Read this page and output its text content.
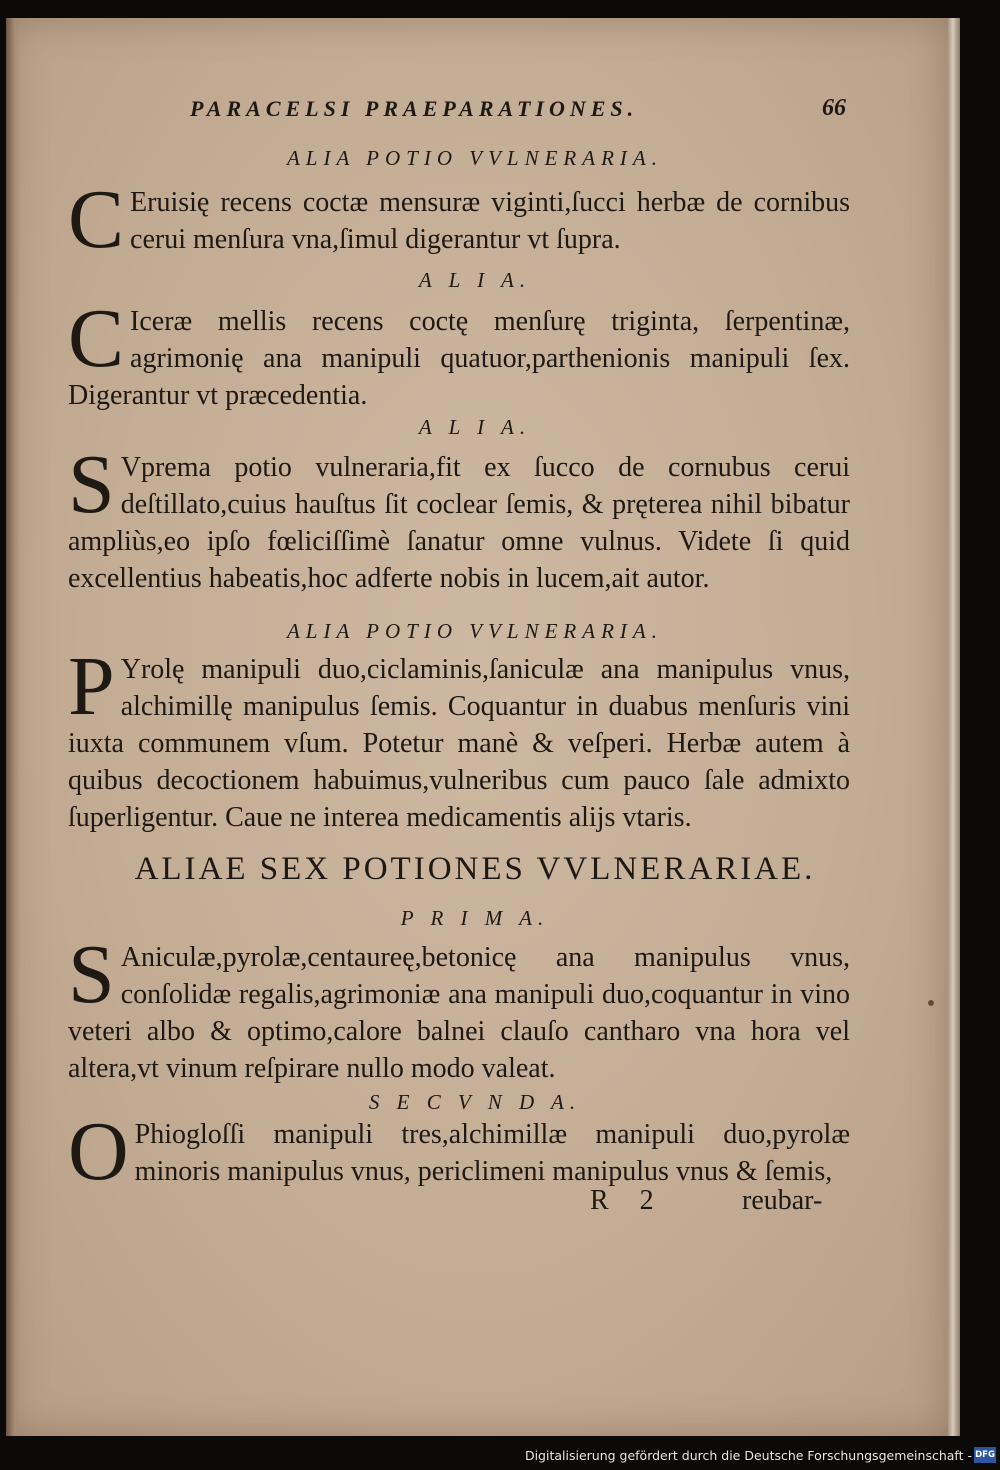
PARACELSI PRAEPARATIONES.	66
ALIA POTIO VVLNERARIA.

C Eruisię recens coctæ mensuræ viginti,ſucci herbæ de cornibus cerui menſura vna,ſimul digerantur vt ſupra.

A L I A.

C Iceræ mellis recens coctę menſurę triginta, ſerpentinæ, agrimonię ana manipuli quatuor,parthenionis manipuli ſex. Digerantur vt præcedentia.

A L I A.

S Vprema potio vulneraria,fit ex ſucco de cornubus cerui deſtillato,cuius hauſtus ſit coclear ſemis, & pręterea nihil bibatur ampliùs,eo ipſo fœliciſſimè ſanatur omne vulnus. Videte ſi quid excellentius habeatis,hoc adferte nobis in lucem,ait autor.

ALIA POTIO VVLNERARIA.

P Yrolę manipuli duo,ciclaminis,ſaniculæ ana manipulus vnus, alchimillę manipulus ſemis. Coquantur in duabus menſuris vini iuxta communem vſum. Potetur manè & veſperi. Herbæ autem à quibus decoctionem habuimus,vulneribus cum pauco ſale admixto ſuperligentur. Caue ne interea medicamentis alijs vtaris.

ALIAE SEX POTIONES VVLNERARIAE.
P R I M A.

S Aniculæ,pyrolæ,centaureę,betonicę ana manipulus vnus, conſolidæ regalis,agrimoniæ ana manipuli duo,coquantur in vino veteri albo & optimo,calore balnei clauſo cantharo vna hora vel altera,vt vinum reſpirare nullo modo valeat.

S E C V N D A.

O Phiogloſſi manipuli tres,alchimillæ manipuli duo,pyrolæ minoris manipulus vnus, periclimeni manipulus vnus & ſemis,

R 2	reubar-
Digitalisierung gefördert durch die Deutsche Forschungsgemeinschaft - DFG
